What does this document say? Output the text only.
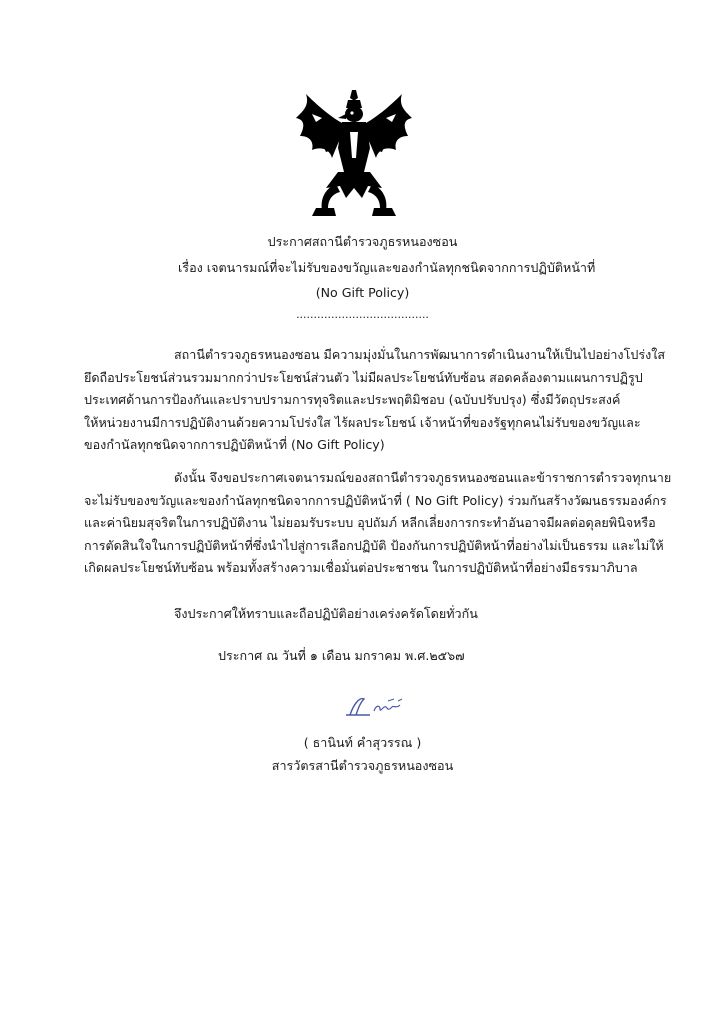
ประกาศสถานีตำรวจภูธรหนองซอน
เรื่อง เจตนารมณ์ที่จะไม่รับของขวัญและของกำนัลทุกชนิดจากการปฏิบัติหน้าที่
(No Gift Policy)
......................................
สถานีตำรวจภูธรหนองซอน มีความมุ่งมั่นในการพัฒนาการดำเนินงานให้เป็นไปอย่างโปร่งใส
ยึดถือประโยชน์ส่วนรวมมากกว่าประโยชน์ส่วนตัว ไม่มีผลประโยชน์ทับซ้อน สอดคล้องตามแผนการปฏิรูป
ประเทศด้านการป้องกันและปราบปรามการทุจริตและประพฤติมิชอบ (ฉบับปรับปรุง) ซึ่งมีวัตถุประสงค์
ให้หน่วยงานมีการปฏิบัติงานด้วยความโปร่งใส ไร้ผลประโยชน์ เจ้าหน้าที่ของรัฐทุกคนไม่รับของขวัญและ
ของกำนัลทุกชนิดจากการปฏิบัติหน้าที่ (No Gift Policy)
ดังนั้น จึงขอประกาศเจตนารมณ์ของสถานีตำรวจภูธรหนองซอนและข้าราชการตำรวจทุกนาย
จะไม่รับของขวัญและของกำนัลทุกชนิดจากการปฏิบัติหน้าที่ ( No Gift Policy) ร่วมกันสร้างวัฒนธรรมองค์กร
และค่านิยมสุจริตในการปฏิบัติงาน ไม่ยอมรับระบบ อุปถัมภ์ หลีกเลี่ยงการกระทำอันอาจมีผลต่อดุลยพินิจหรือ
การตัดสินใจในการปฏิบัติหน้าที่ซึ่งนำไปสู่การเลือกปฏิบัติ ป้องกันการปฏิบัติหน้าที่อย่างไม่เป็นธรรม และไม่ให้
เกิดผลประโยชน์ทับซ้อน พร้อมทั้งสร้างความเชื่อมั่นต่อประชาชน ในการปฏิบัติหน้าที่อย่างมีธรรมาภิบาล
จึงประกาศให้ทราบและถือปฏิบัติอย่างเคร่งครัดโดยทั่วกัน
ประกาศ ณ วันที่ ๑ เดือน มกราคม พ.ศ.๒๕๖๗
( ธานินท์ คำสุวรรณ )
สารวัตรสานีตำรวจภูธรหนองซอน
